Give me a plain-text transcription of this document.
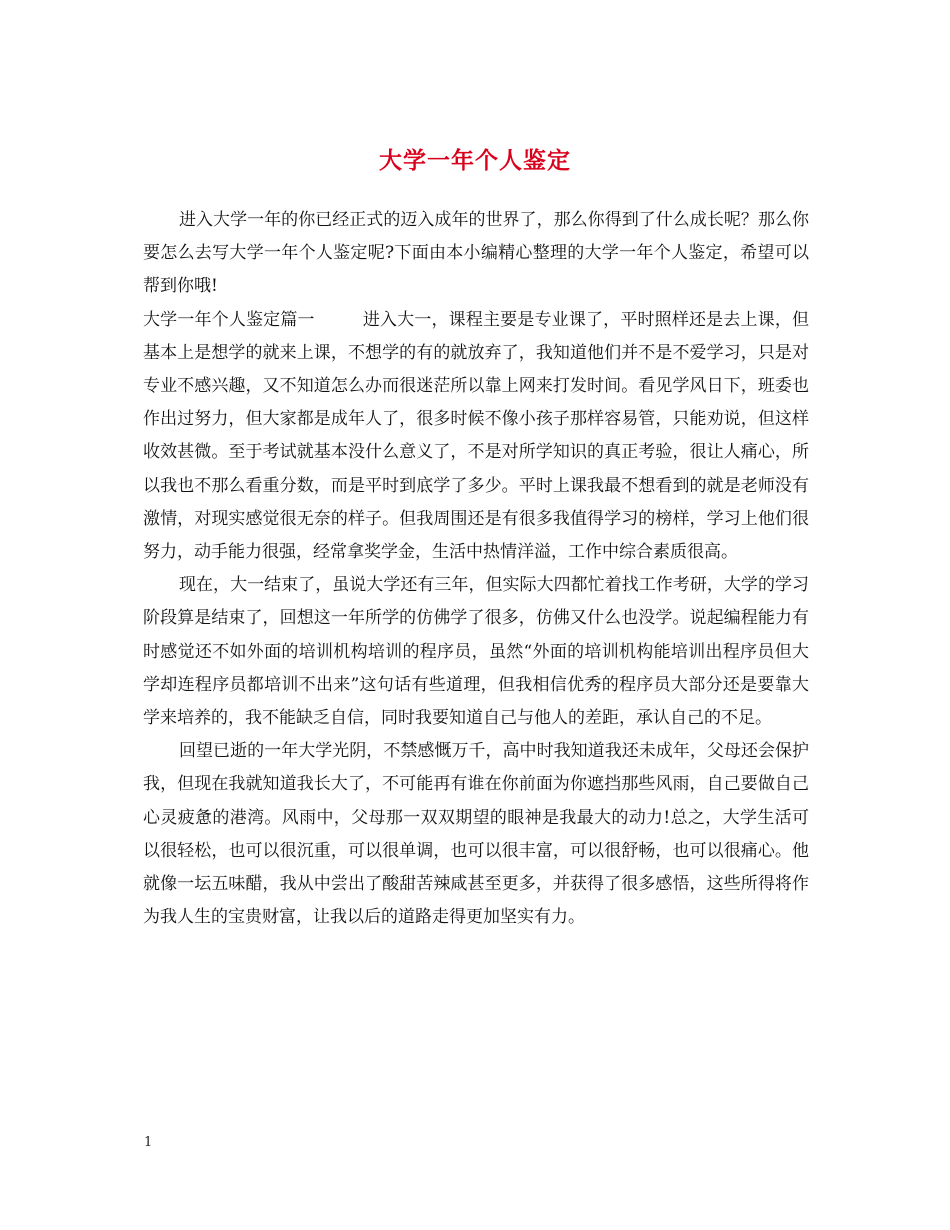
大学一年个人鉴定

进入大学一年的你已经正式的迈入成年的世界了，那么你得到了什么成长呢？那么你要怎么去写大学一年个人鉴定呢?下面由本小编精心整理的大学一年个人鉴定，希望可以帮到你哦!

大学一年个人鉴定篇一	进入大一，课程主要是专业课了，平时照样还是去上课，但基本上是想学的就来上课，不想学的有的就放弃了，我知道他们并不是不爱学习，只是对专业不感兴趣，又不知道怎么办而很迷茫所以靠上网来打发时间。看见学风日下，班委也作出过努力，但大家都是成年人了，很多时候不像小孩子那样容易管，只能劝说，但这样收效甚微。至于考试就基本没什么意义了，不是对所学知识的真正考验，很让人痛心，所以我也不那么看重分数，而是平时到底学了多少。平时上课我最不想看到的就是老师没有激情，对现实感觉很无奈的样子。但我周围还是有很多我值得学习的榜样，学习上他们很努力，动手能力很强，经常拿奖学金，生活中热情洋溢，工作中综合素质很高。

现在，大一结束了，虽说大学还有三年，但实际大四都忙着找工作考研，大学的学习阶段算是结束了，回想这一年所学的仿佛学了很多，仿佛又什么也没学。说起编程能力有时感觉还不如外面的培训机构培训的程序员，虽然“外面的培训机构能培训出程序员但大学却连程序员都培训不出来”这句话有些道理，但我相信优秀的程序员大部分还是要靠大学来培养的，我不能缺乏自信，同时我要知道自己与他人的差距，承认自己的不足。

回望已逝的一年大学光阴，不禁感慨万千，高中时我知道我还未成年，父母还会保护我，但现在我就知道我长大了，不可能再有谁在你前面为你遮挡那些风雨，自己要做自己心灵疲惫的港湾。风雨中，父母那一双双期望的眼神是我最大的动力!总之，大学生活可以很轻松，也可以很沉重，可以很单调，也可以很丰富，可以很舒畅，也可以很痛心。他就像一坛五味醋，我从中尝出了酸甜苦辣咸甚至更多，并获得了很多感悟，这些所得将作为我人生的宝贵财富，让我以后的道路走得更加坚实有力。

1
